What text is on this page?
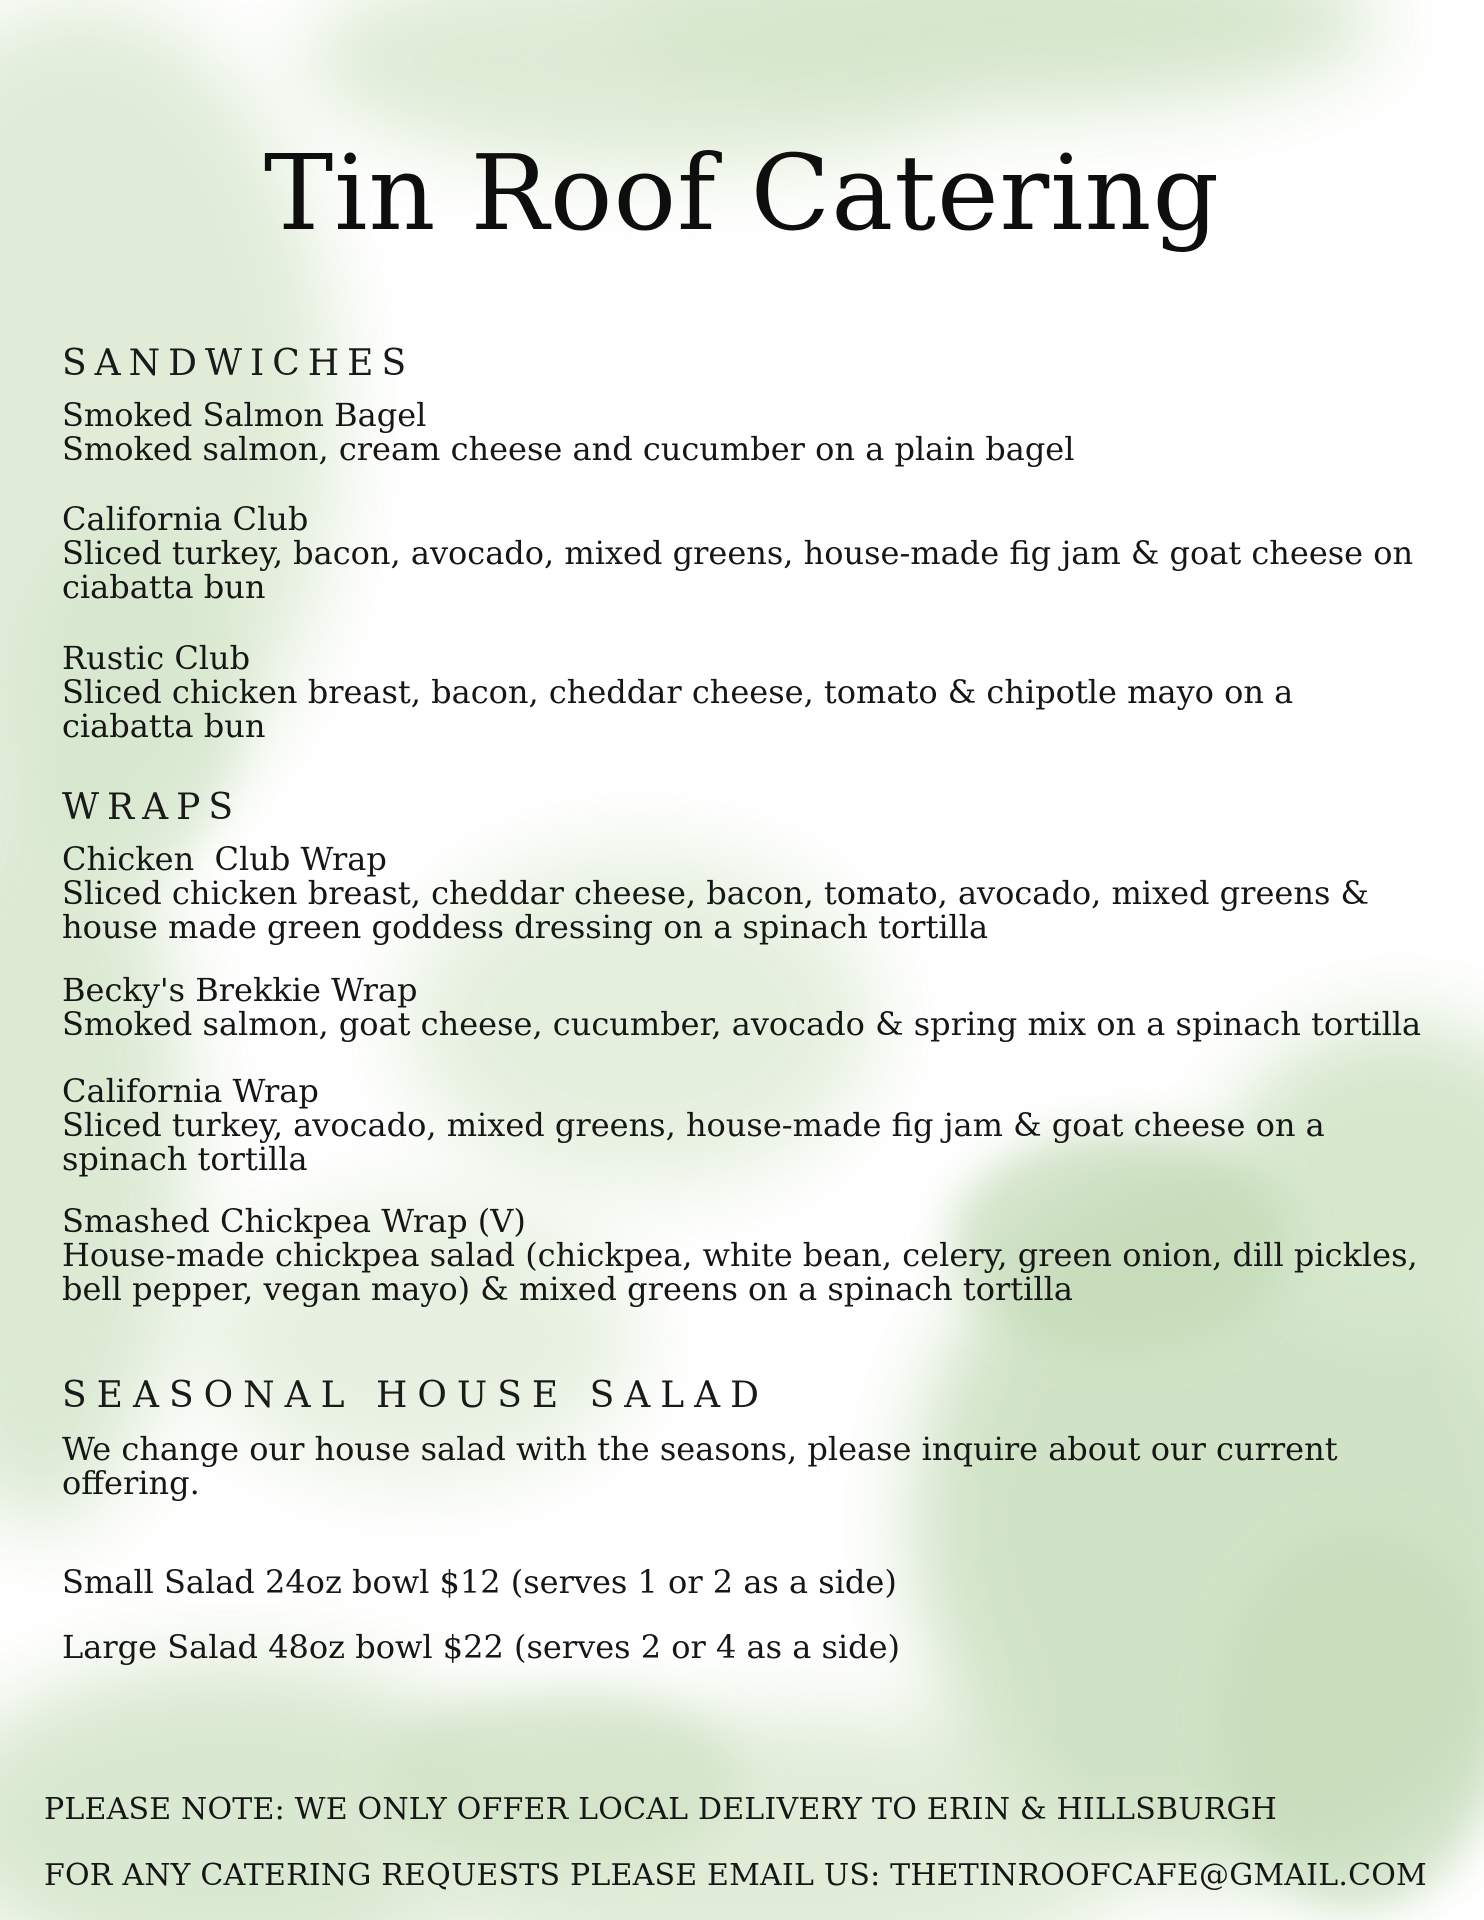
Tin Roof Catering
SANDWICHES
Smoked Salmon Bagel
Smoked salmon, cream cheese and cucumber on a plain bagel
California Club
Sliced turkey, bacon, avocado, mixed greens, house-made fig jam & goat cheese on ciabatta bun
Rustic Club
Sliced chicken breast, bacon, cheddar cheese, tomato & chipotle mayo on a ciabatta bun
WRAPS
Chicken  Club Wrap
Sliced chicken breast, cheddar cheese, bacon, tomato, avocado, mixed greens & house made green goddess dressing on a spinach tortilla
Becky's Brekkie Wrap
Smoked salmon, goat cheese, cucumber, avocado & spring mix on a spinach tortilla
California Wrap
Sliced turkey, avocado, mixed greens, house-made fig jam & goat cheese on a spinach tortilla
Smashed Chickpea Wrap (V)
House-made chickpea salad (chickpea, white bean, celery, green onion, dill pickles, bell pepper, vegan mayo) & mixed greens on a spinach tortilla
SEASONAL HOUSE SALAD
We change our house salad with the seasons, please inquire about our current offering.
Small Salad 24oz bowl $12 (serves 1 or 2 as a side)
Large Salad 48oz bowl $22 (serves 2 or 4 as a side)
PLEASE NOTE: WE ONLY OFFER LOCAL DELIVERY TO ERIN & HILLSBURGH
FOR ANY CATERING REQUESTS PLEASE EMAIL US: THETINROOFCAFE@GMAIL.COM
